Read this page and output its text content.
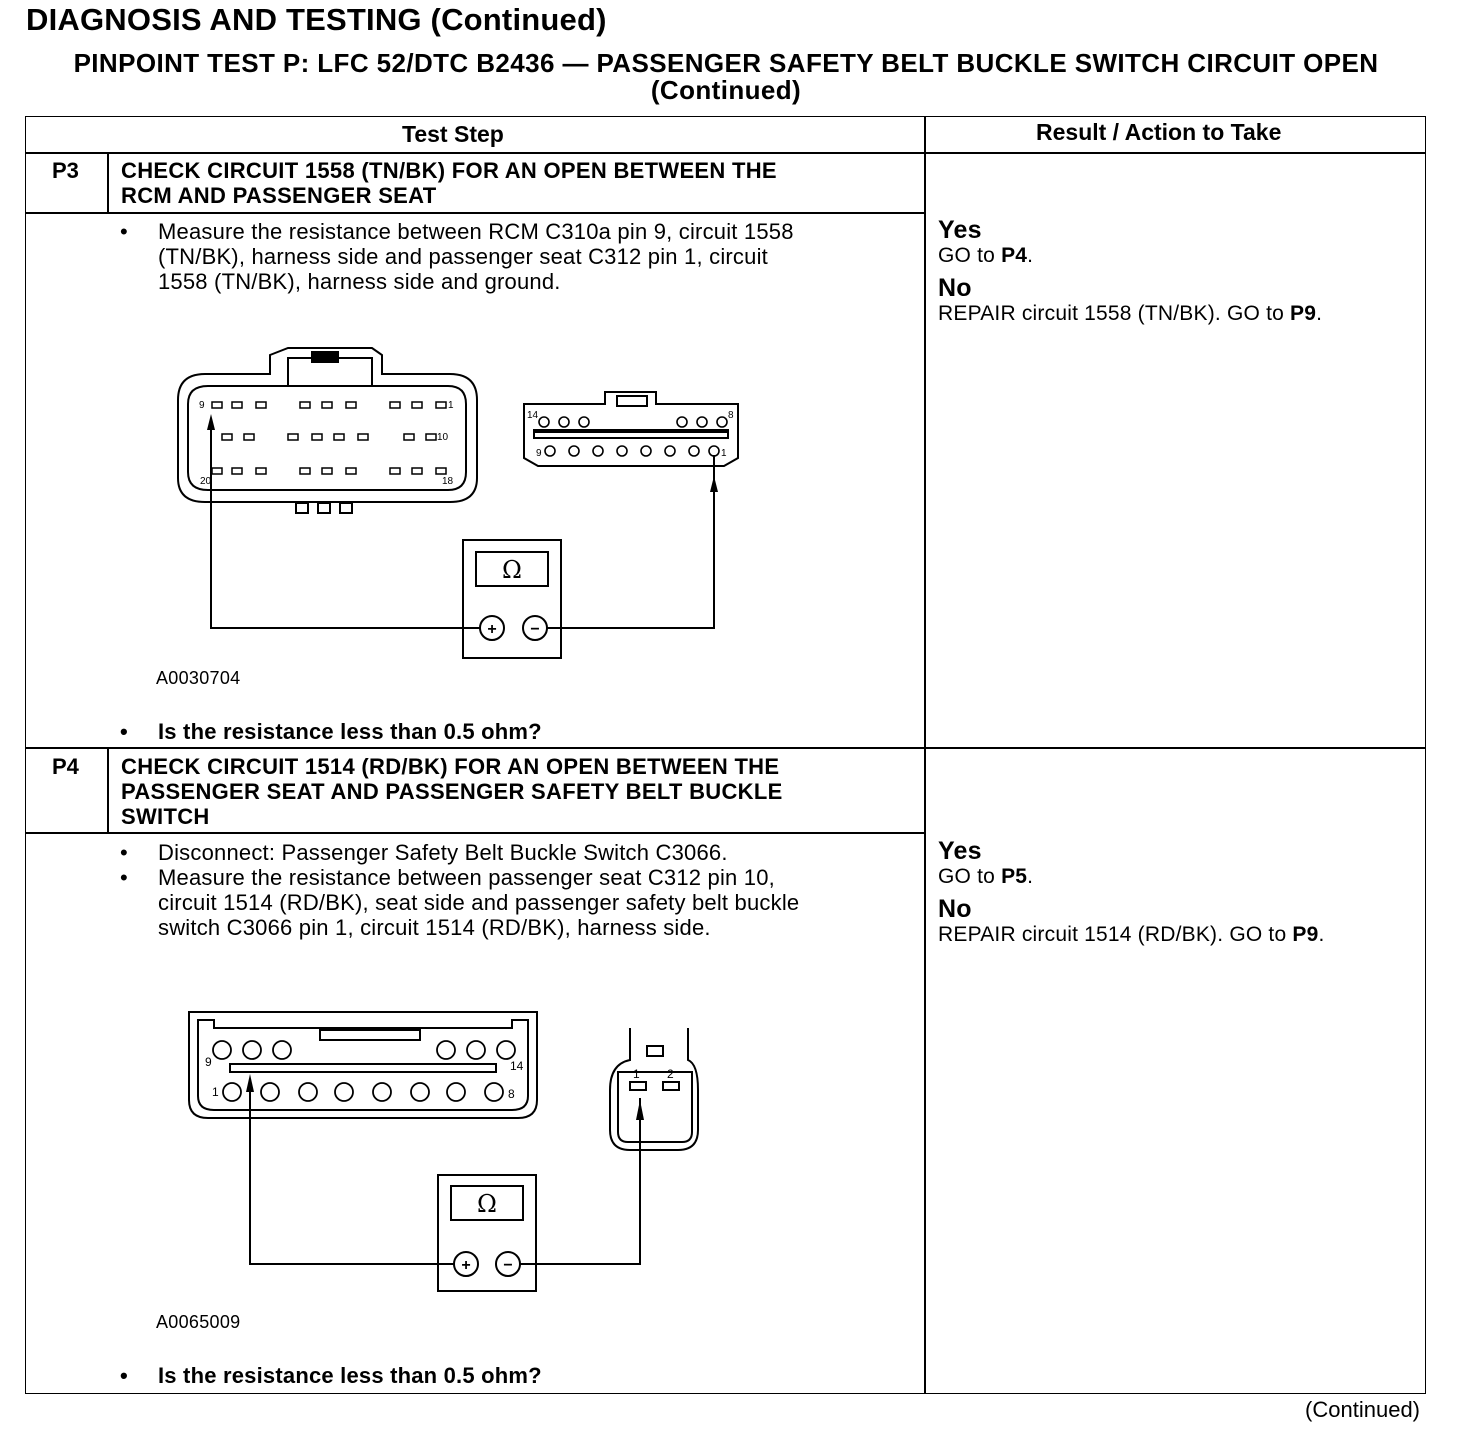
DIAGNOSIS AND TESTING (Continued)
PINPOINT TEST P: LFC 52/DTC B2436 — PASSENGER SAFETY BELT BUCKLE SWITCH CIRCUIT OPEN
(Continued)
Test Step	Result / Action to Take
P3 CHECK CIRCUIT 1558 (TN/BK) FOR AN OPEN BETWEEN THE
RCM AND PASSENGER SEAT
• Measure the resistance between RCM C310a pin 9, circuit 1558
(TN/BK), harness side and passenger seat C312 pin 1, circuit
1558 (TN/BK), harness side and ground.
9	1
10
20	18
14	8
9	1
Ω
+ −
A0030704
• Is the resistance less than 0.5 ohm?
Yes
GO to P4.
No
REPAIR circuit 1558 (TN/BK). GO to P9.
P4 CHECK CIRCUIT 1514 (RD/BK) FOR AN OPEN BETWEEN THE
PASSENGER SEAT AND PASSENGER SAFETY BELT BUCKLE
SWITCH
• Disconnect: Passenger Safety Belt Buckle Switch C3066.
• Measure the resistance between passenger seat C312 pin 10,
circuit 1514 (RD/BK), seat side and passenger safety belt buckle
switch C3066 pin 1, circuit 1514 (RD/BK), harness side.
9	14
1	8
1 2
Ω
+ −
A0065009
• Is the resistance less than 0.5 ohm?
Yes
GO to P5.
No
REPAIR circuit 1514 (RD/BK). GO to P9.
(Continued)
